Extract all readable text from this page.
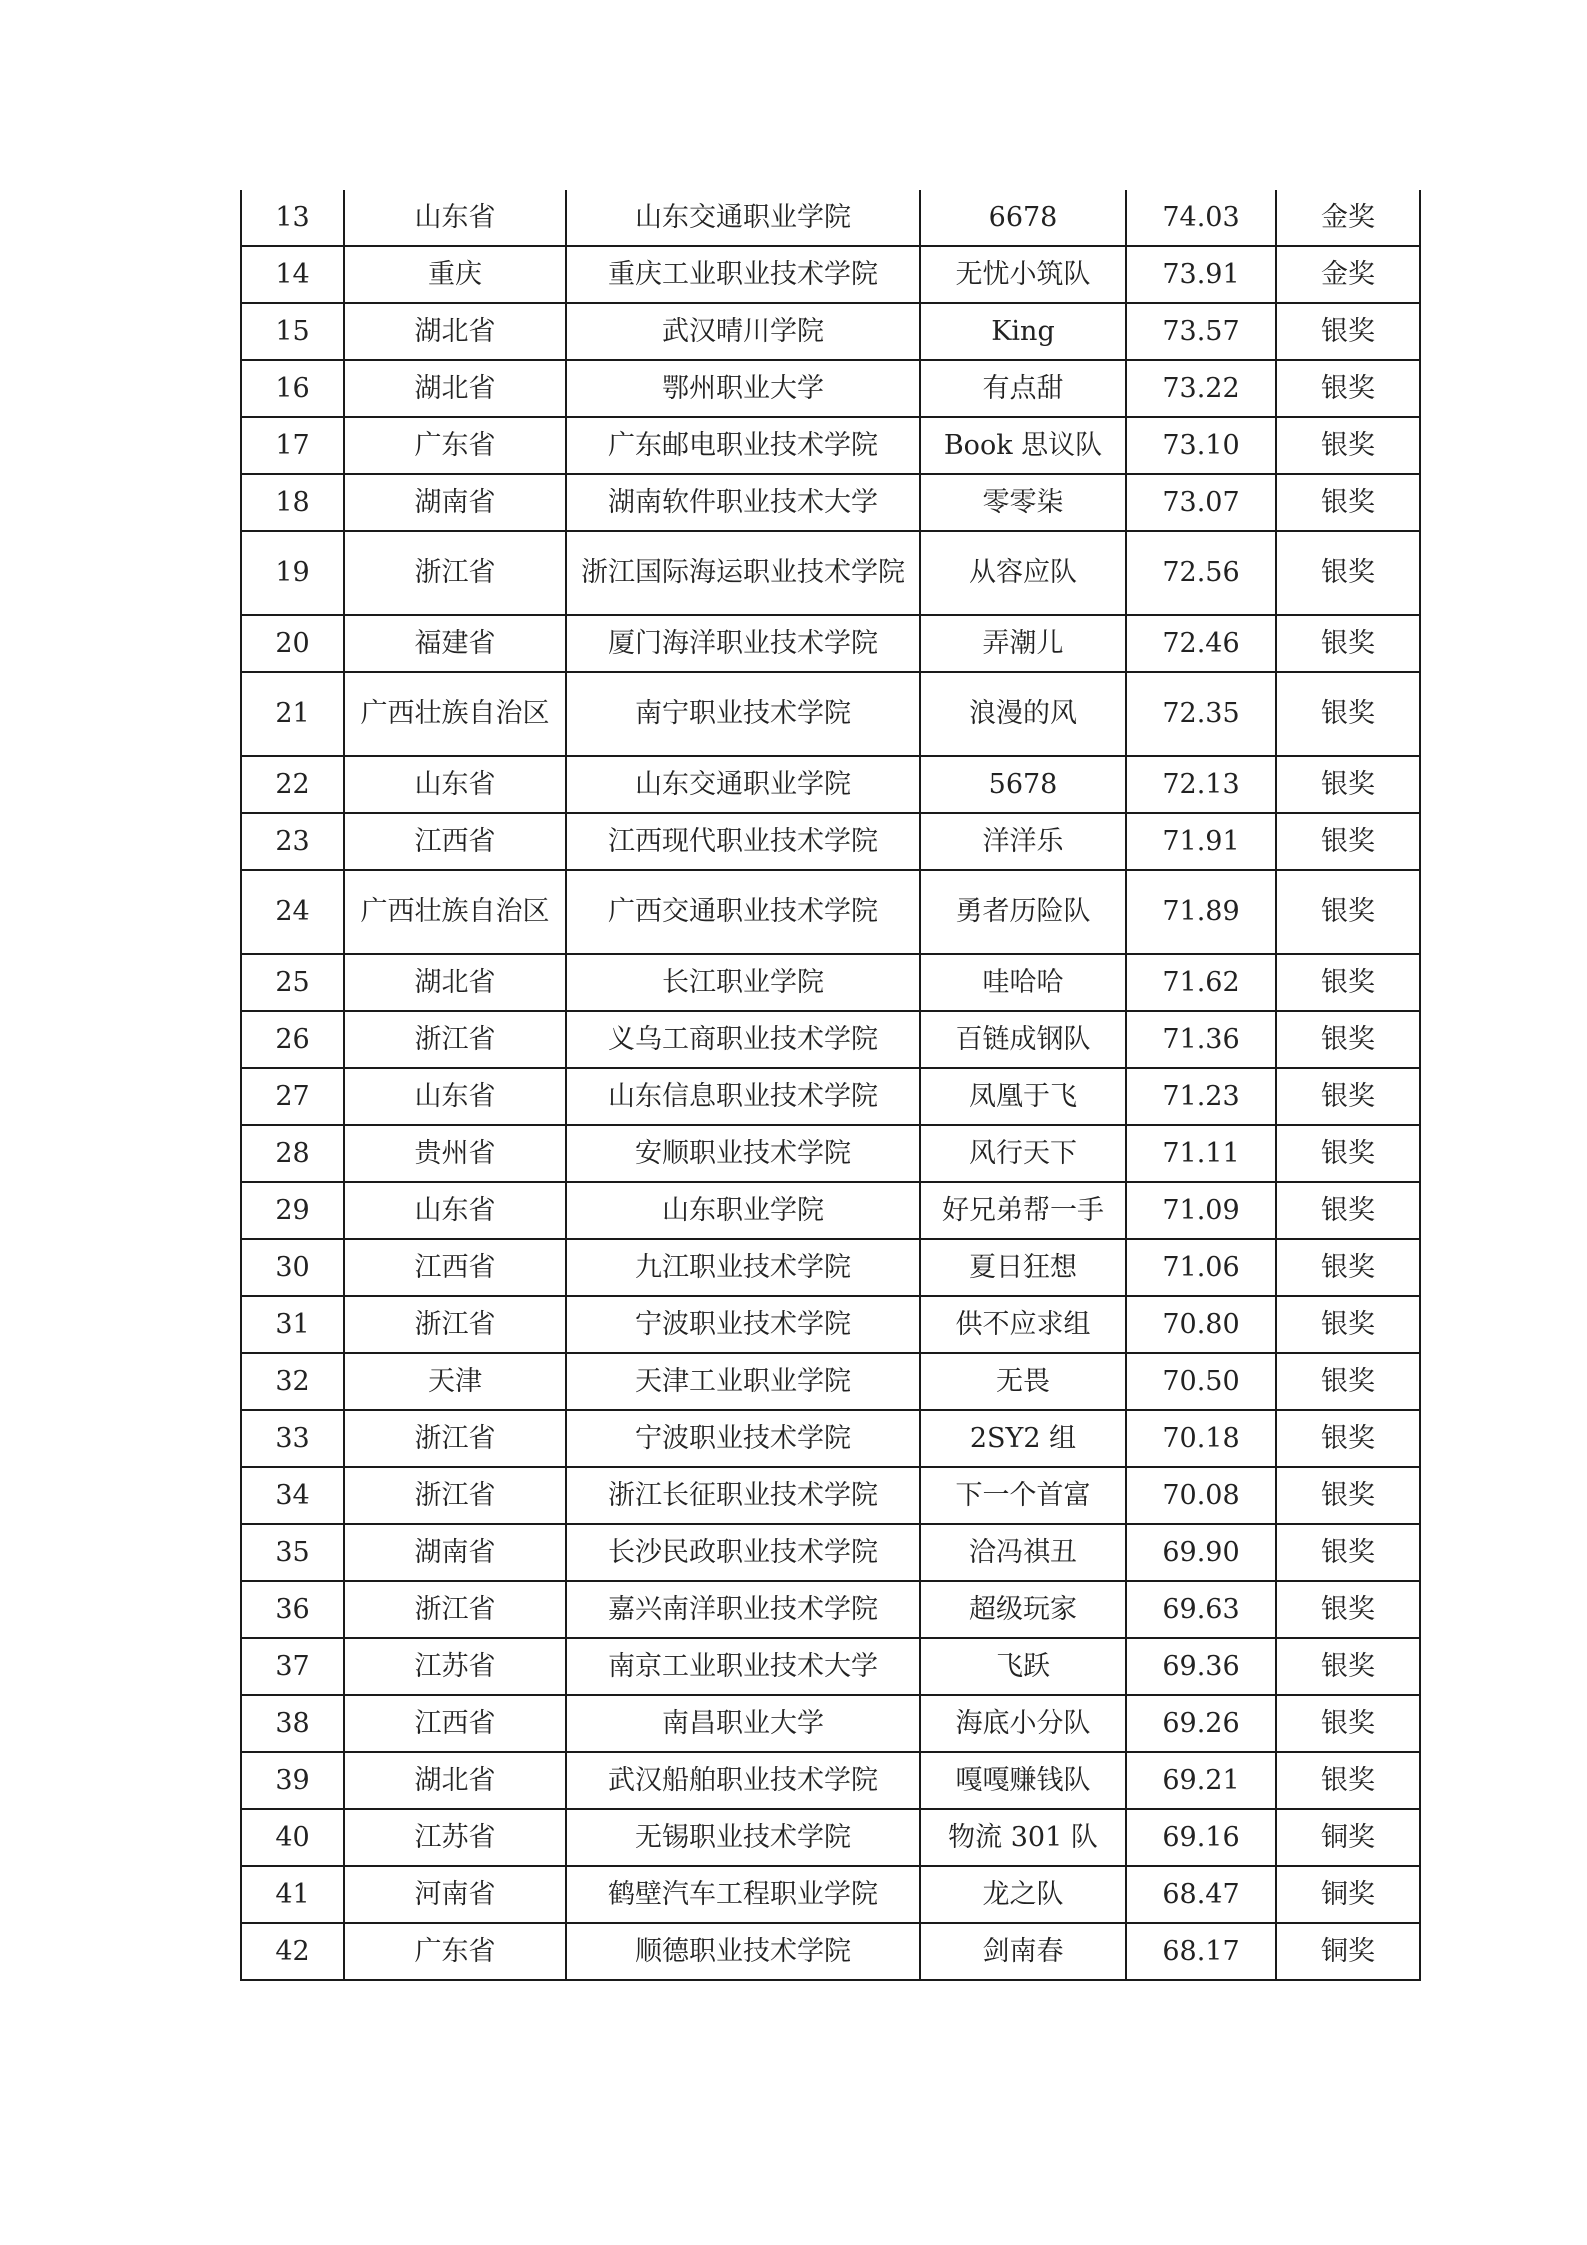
13	山东省	山东交通职业学院	6678	74.03	金奖
14	重庆	重庆工业职业技术学院	无忧小筑队	73.91	金奖
15	湖北省	武汉晴川学院	King	73.57	银奖
16	湖北省	鄂州职业大学	有点甜	73.22	银奖
17	广东省	广东邮电职业技术学院	Book 思议队	73.10	银奖
18	湖南省	湖南软件职业技术大学	零零柒	73.07	银奖
19	浙江省	浙江国际海运职业技术学院	从容应队	72.56	银奖
20	福建省	厦门海洋职业技术学院	弄潮儿	72.46	银奖
21	广西壮族自治区	南宁职业技术学院	浪漫的风	72.35	银奖
22	山东省	山东交通职业学院	5678	72.13	银奖
23	江西省	江西现代职业技术学院	洋洋乐	71.91	银奖
24	广西壮族自治区	广西交通职业技术学院	勇者历险队	71.89	银奖
25	湖北省	长江职业学院	哇哈哈	71.62	银奖
26	浙江省	义乌工商职业技术学院	百链成钢队	71.36	银奖
27	山东省	山东信息职业技术学院	凤凰于飞	71.23	银奖
28	贵州省	安顺职业技术学院	风行天下	71.11	银奖
29	山东省	山东职业学院	好兄弟帮一手	71.09	银奖
30	江西省	九江职业技术学院	夏日狂想	71.06	银奖
31	浙江省	宁波职业技术学院	供不应求组	70.80	银奖
32	天津	天津工业职业学院	无畏	70.50	银奖
33	浙江省	宁波职业技术学院	2SY2 组	70.18	银奖
34	浙江省	浙江长征职业技术学院	下一个首富	70.08	银奖
35	湖南省	长沙民政职业技术学院	洽冯祺丑	69.90	银奖
36	浙江省	嘉兴南洋职业技术学院	超级玩家	69.63	银奖
37	江苏省	南京工业职业技术大学	飞跃	69.36	银奖
38	江西省	南昌职业大学	海底小分队	69.26	银奖
39	湖北省	武汉船舶职业技术学院	嘎嘎赚钱队	69.21	银奖
40	江苏省	无锡职业技术学院	物流 301 队	69.16	铜奖
41	河南省	鹤壁汽车工程职业学院	龙之队	68.47	铜奖
42	广东省	顺德职业技术学院	剑南春	68.17	铜奖
